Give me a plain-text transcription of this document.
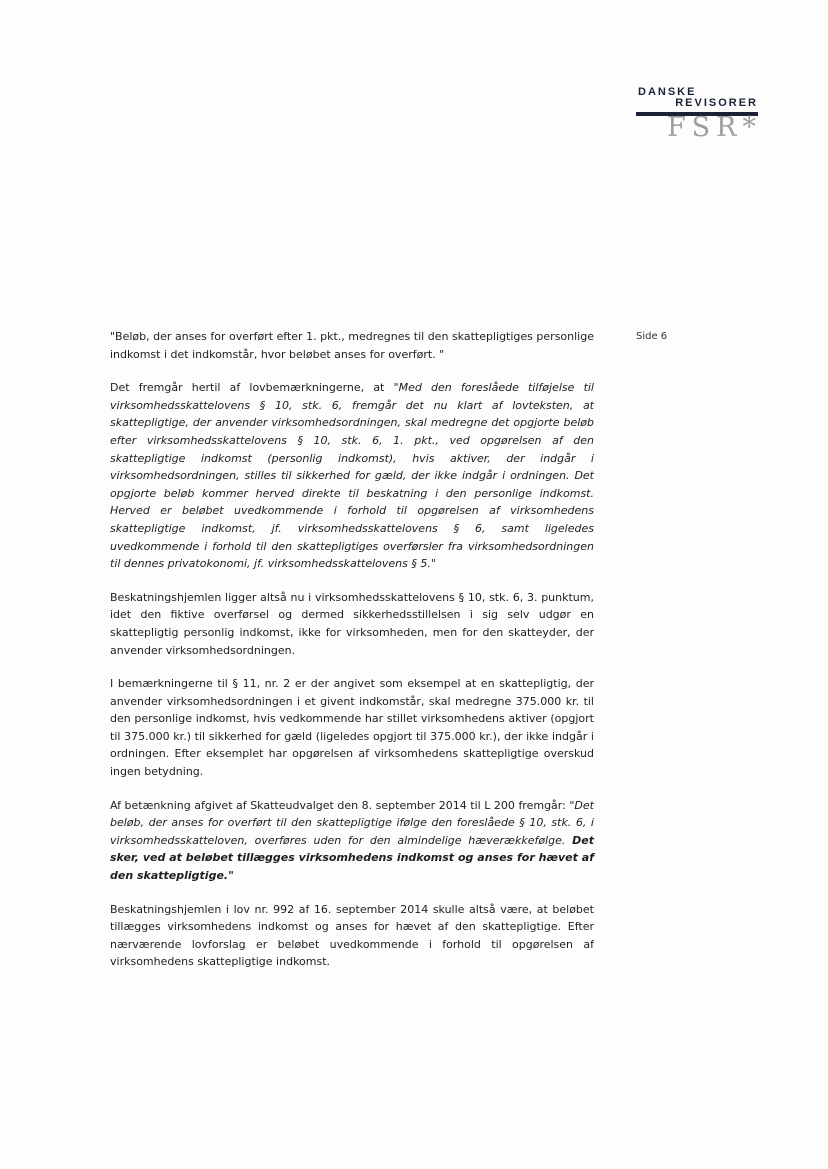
DANSKE
REVISORER
FSR*
Side 6

"Beløb, der anses for overført efter 1. pkt., medregnes til den skattepligtiges personlige indkomst i det indkomstår, hvor beløbet anses for overført. "

Det fremgår hertil af lovbemærkningerne, at "Med den foreslåede tilføjelse til virksomhedsskattelovens § 10, stk. 6, fremgår det nu klart af lovteksten, at skattepligtige, der anvender virksomhedsordningen, skal medregne det opgjorte beløb efter virksomhedsskattelovens § 10, stk. 6, 1. pkt., ved opgørelsen af den skattepligtige indkomst (personlig indkomst), hvis aktiver, der indgår i virksomhedsordningen, stilles til sikkerhed for gæld, der ikke indgår i ordningen. Det opgjorte beløb kommer herved direkte til beskatning i den personlige indkomst. Herved er beløbet uvedkommende i forhold til opgørelsen af virksomhedens skattepligtige indkomst, jf. virksomhedsskattelovens § 6, samt ligeledes uvedkommende i forhold til den skattepligtiges overførsler fra virksomhedsordningen til dennes privatokonomi, jf. virksomhedsskattelovens § 5."

Beskatningshjemlen ligger altså nu i virksomhedsskattelovens § 10, stk. 6, 3. punktum, idet den fiktive overførsel og dermed sikkerhedsstillelsen i sig selv udgør en skattepligtig personlig indkomst, ikke for virksomheden, men for den skatteyder, der anvender virksomhedsordningen.

I bemærkningerne til § 11, nr. 2 er der angivet som eksempel at en skattepligtig, der anvender virksomhedsordningen i et givent indkomstår, skal medregne 375.000 kr. til den personlige indkomst, hvis vedkommende har stillet virksomhedens aktiver (opgjort til 375.000 kr.) til sikkerhed for gæld (ligeledes opgjort til 375.000 kr.), der ikke indgår i ordningen. Efter eksemplet har opgørelsen af virksomhedens skattepligtige overskud ingen betydning.

Af betænkning afgivet af Skatteudvalget den 8. september 2014 til L 200 fremgår: "Det beløb, der anses for overført til den skattepligtige ifølge den foreslåede § 10, stk. 6, i virksomhedsskatteloven, overføres uden for den almindelige hæverækkefølge. Det sker, ved at beløbet tillægges virksomhedens indkomst og anses for hævet af den skattepligtige."

Beskatningshjemlen i lov nr. 992 af 16. september 2014 skulle altså være, at beløbet tillægges virksomhedens indkomst og anses for hævet af den skattepligtige. Efter nærværende lovforslag er beløbet uvedkommende i forhold til opgørelsen af virksomhedens skattepligtige indkomst.
